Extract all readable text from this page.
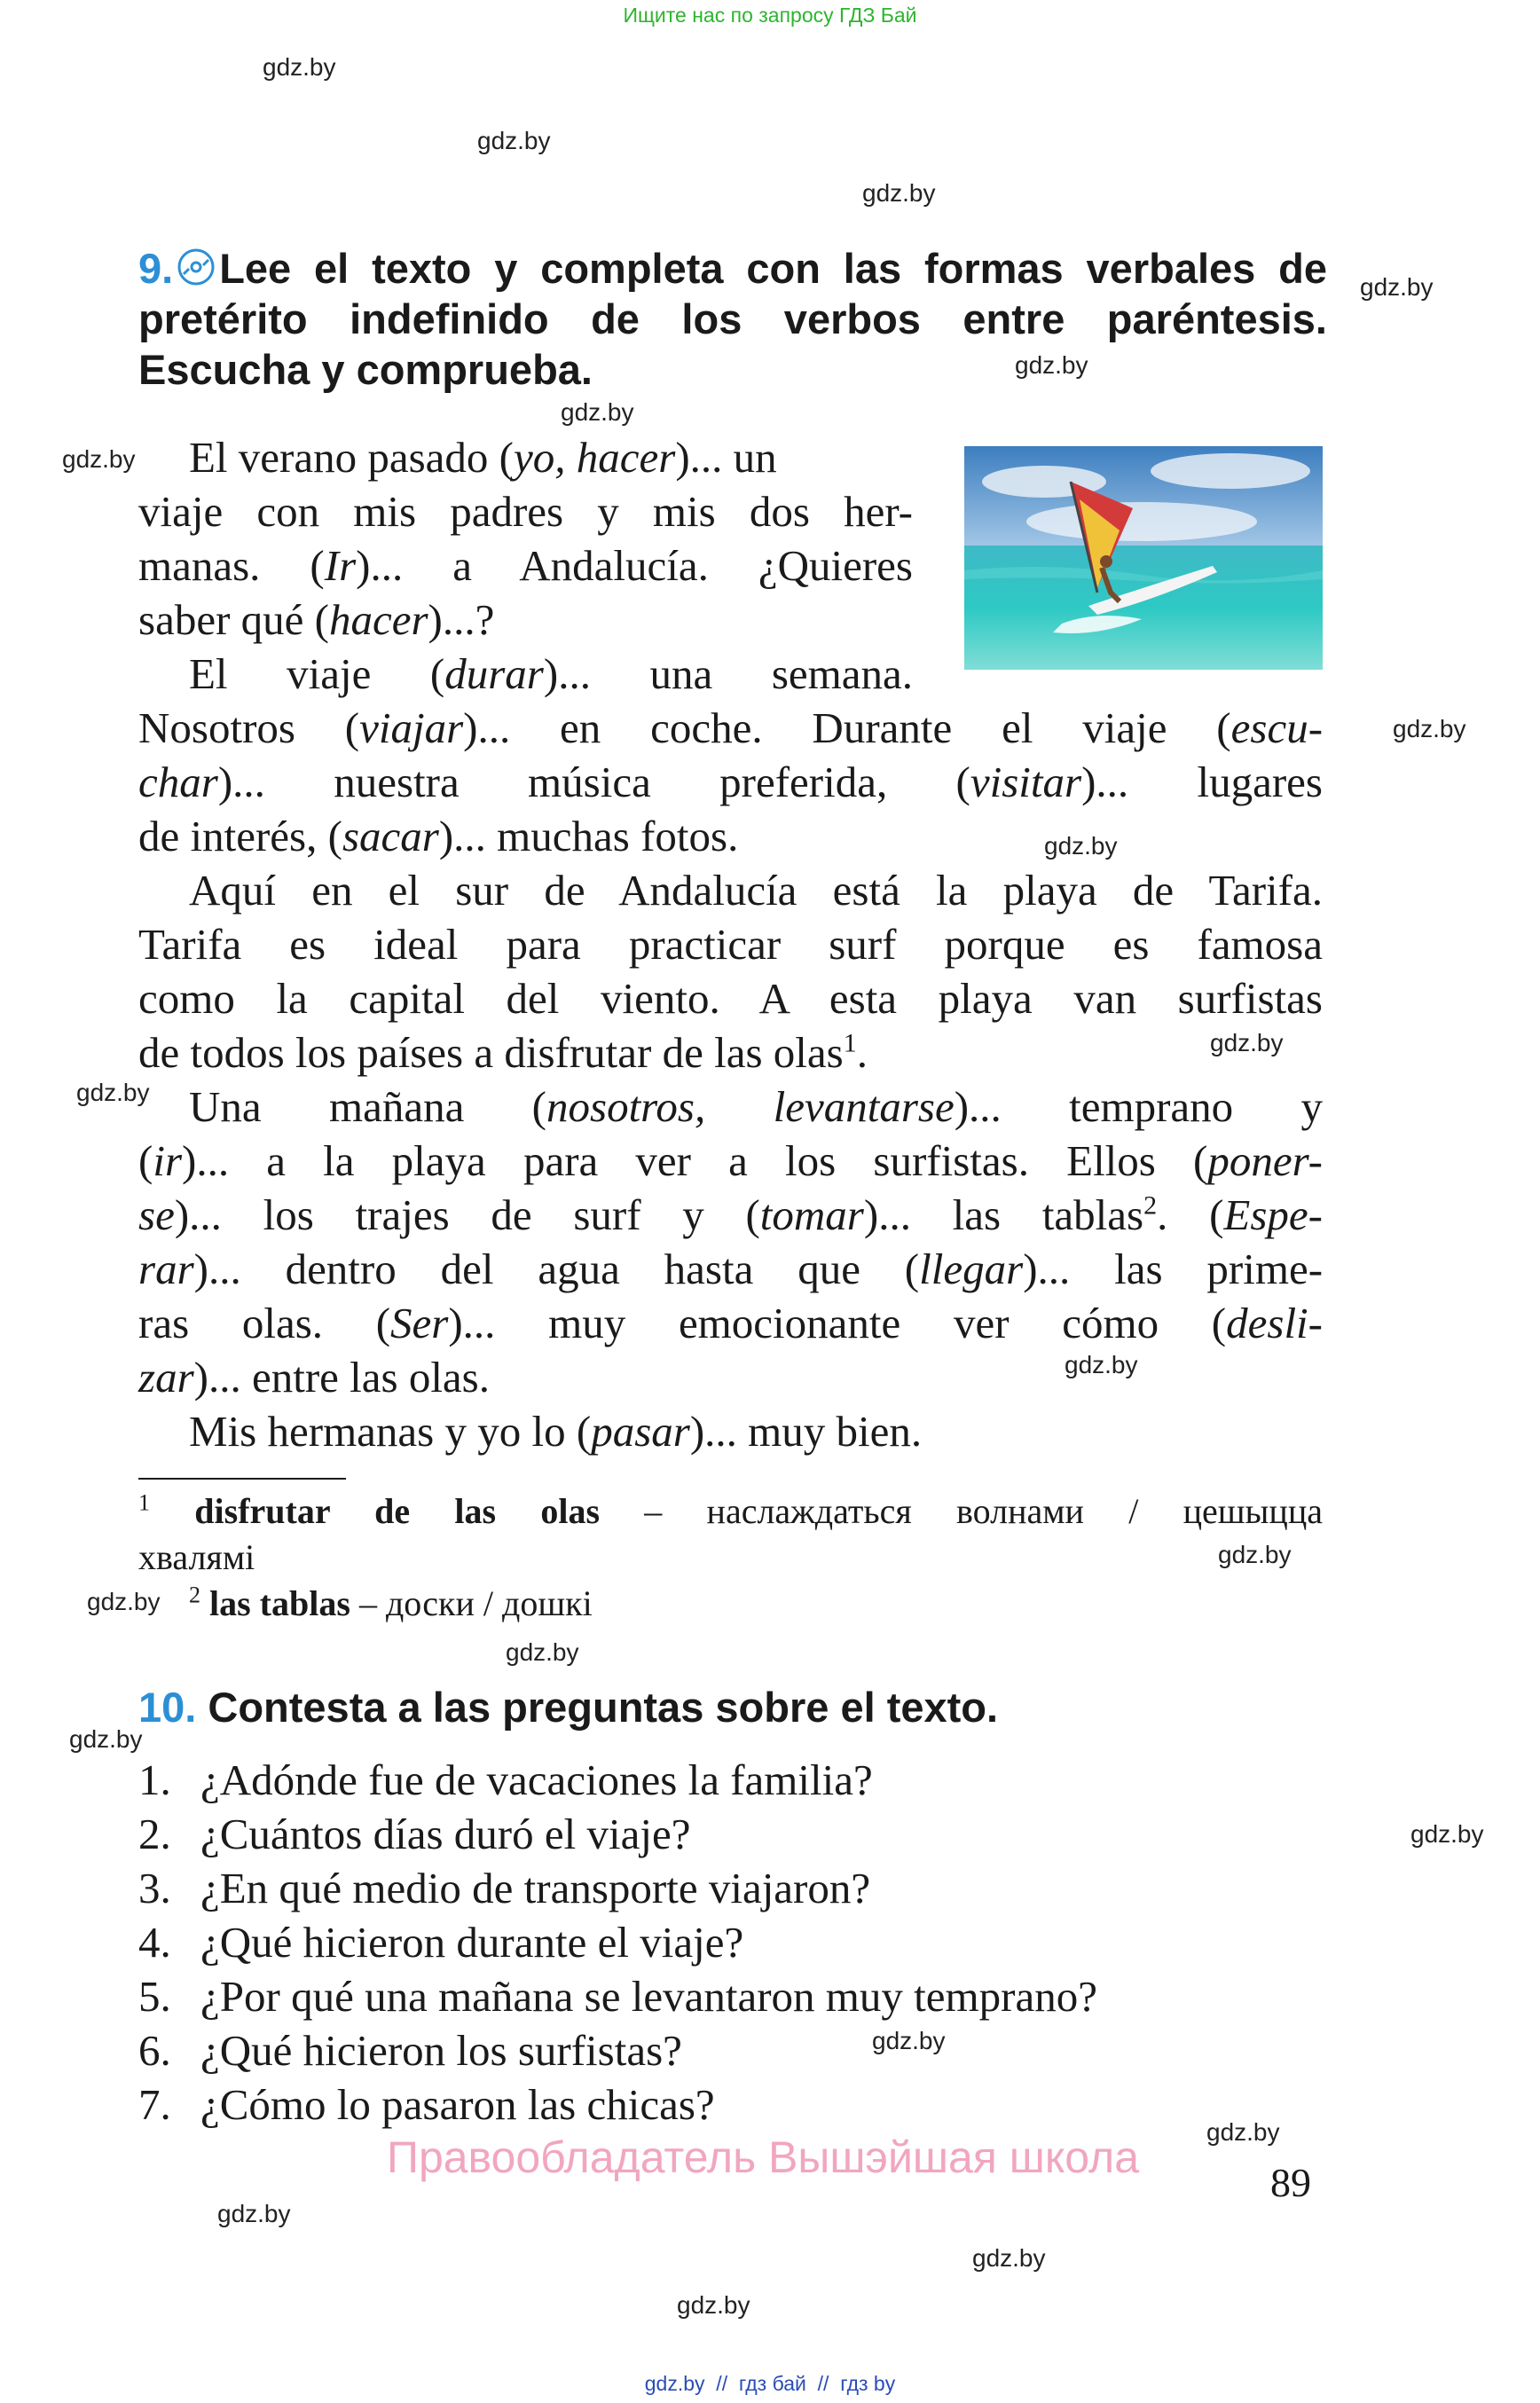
Ищите нас по запросу ГДЗ Бай
gdz.by
gdz.by
gdz.by
gdz.by
gdz.by
gdz.by
gdz.by
gdz.by
gdz.by
gdz.by
gdz.by
gdz.by
gdz.by
gdz.by
gdz.by
gdz.by
gdz.by
gdz.by
gdz.by
gdz.by
gdz.by
gdz.by
9. Lee el texto y completa con las formas verbales de
pretérito indefinido de los verbos entre paréntesis.
Escucha y comprueba.
El verano pasado (yo, hacer)... un
viaje con mis padres y mis dos her-
manas. (Ir)... a Andalucía. ¿Quieres
saber qué (hacer)...?
El viaje (durar)... una semana.
Nosotros (viajar)... en coche. Durante el viaje (escu-
char)... nuestra música preferida, (visitar)... lugares
de interés, (sacar)... muchas fotos.
Aquí en el sur de Andalucía está la playa de Tarifa.
Tarifa es ideal para practicar surf porque es famosa
como la capital del viento. A esta playa van surfistas
de todos los países a disfrutar de las olas$^1$.
Una mañana (nosotros, levantarse)... temprano y
(ir)... a la playa para ver a los surfistas. Ellos (poner-
se)... los trajes de surf y (tomar)... las tablas$^2$. (Espe-
rar)... dentro del agua hasta que (llegar)... las prime-
ras olas. (Ser)... muy emocionante ver cómo (desli-
zar)... entre las olas.
Mis hermanas y yo lo (pasar)... muy bien.
$^1$ disfrutar de las olas – наслаждаться волнами / цешыцца
хвалямі
$^2$ las tablas – доски / дошкі
10. Contesta a las preguntas sobre el texto.
1. ¿Adónde fue de vacaciones la familia?
2. ¿Cuántos días duró el viaje?
3. ¿En qué medio de transporte viajaron?
4. ¿Qué hicieron durante el viaje?
5. ¿Por qué una mañana se levantaron muy temprano?
6. ¿Qué hicieron los surfistas?
7. ¿Cómo lo pasaron las chicas?
Правообладатель Вышэйшая школа
89
gdz.by  //  гдз бай  //  гдз by
